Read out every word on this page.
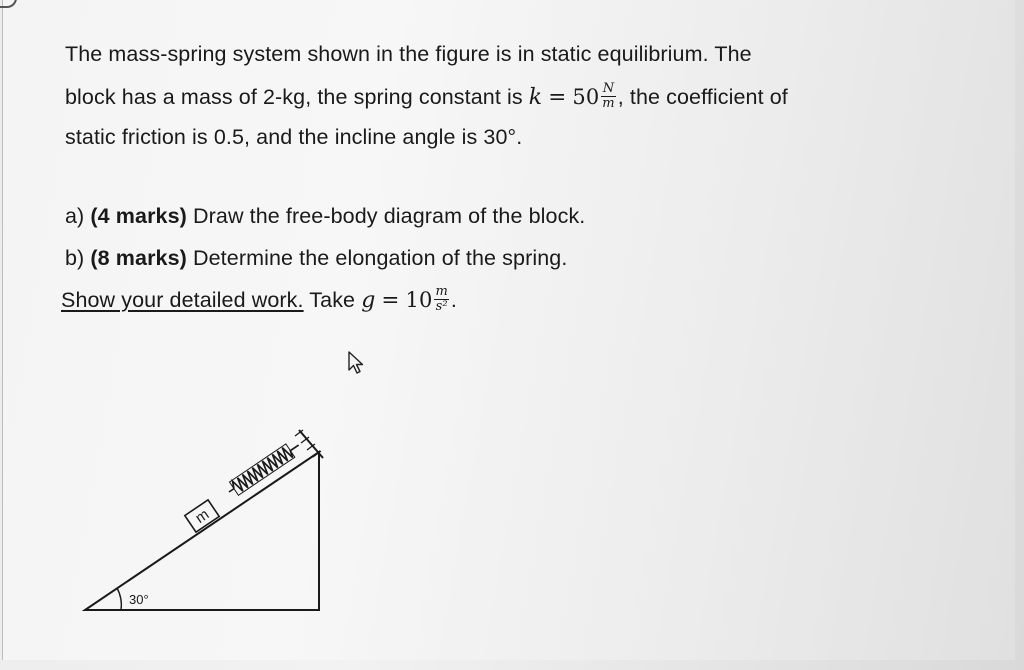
The mass-spring system shown in the figure is in static equilibrium. The
block has a mass of 2-kg, the spring constant is $k = 50 \frac{N}{m}$ , the coefficient of
static friction is 0.5, and the incline angle is 30°.
a) (4 marks) Draw the free-body diagram of the block.
b) (8 marks) Determine the elongation of the spring.
Show your detailed work. Take $g = 10 \frac{m}{\text{s²}}$ .
m
30°
